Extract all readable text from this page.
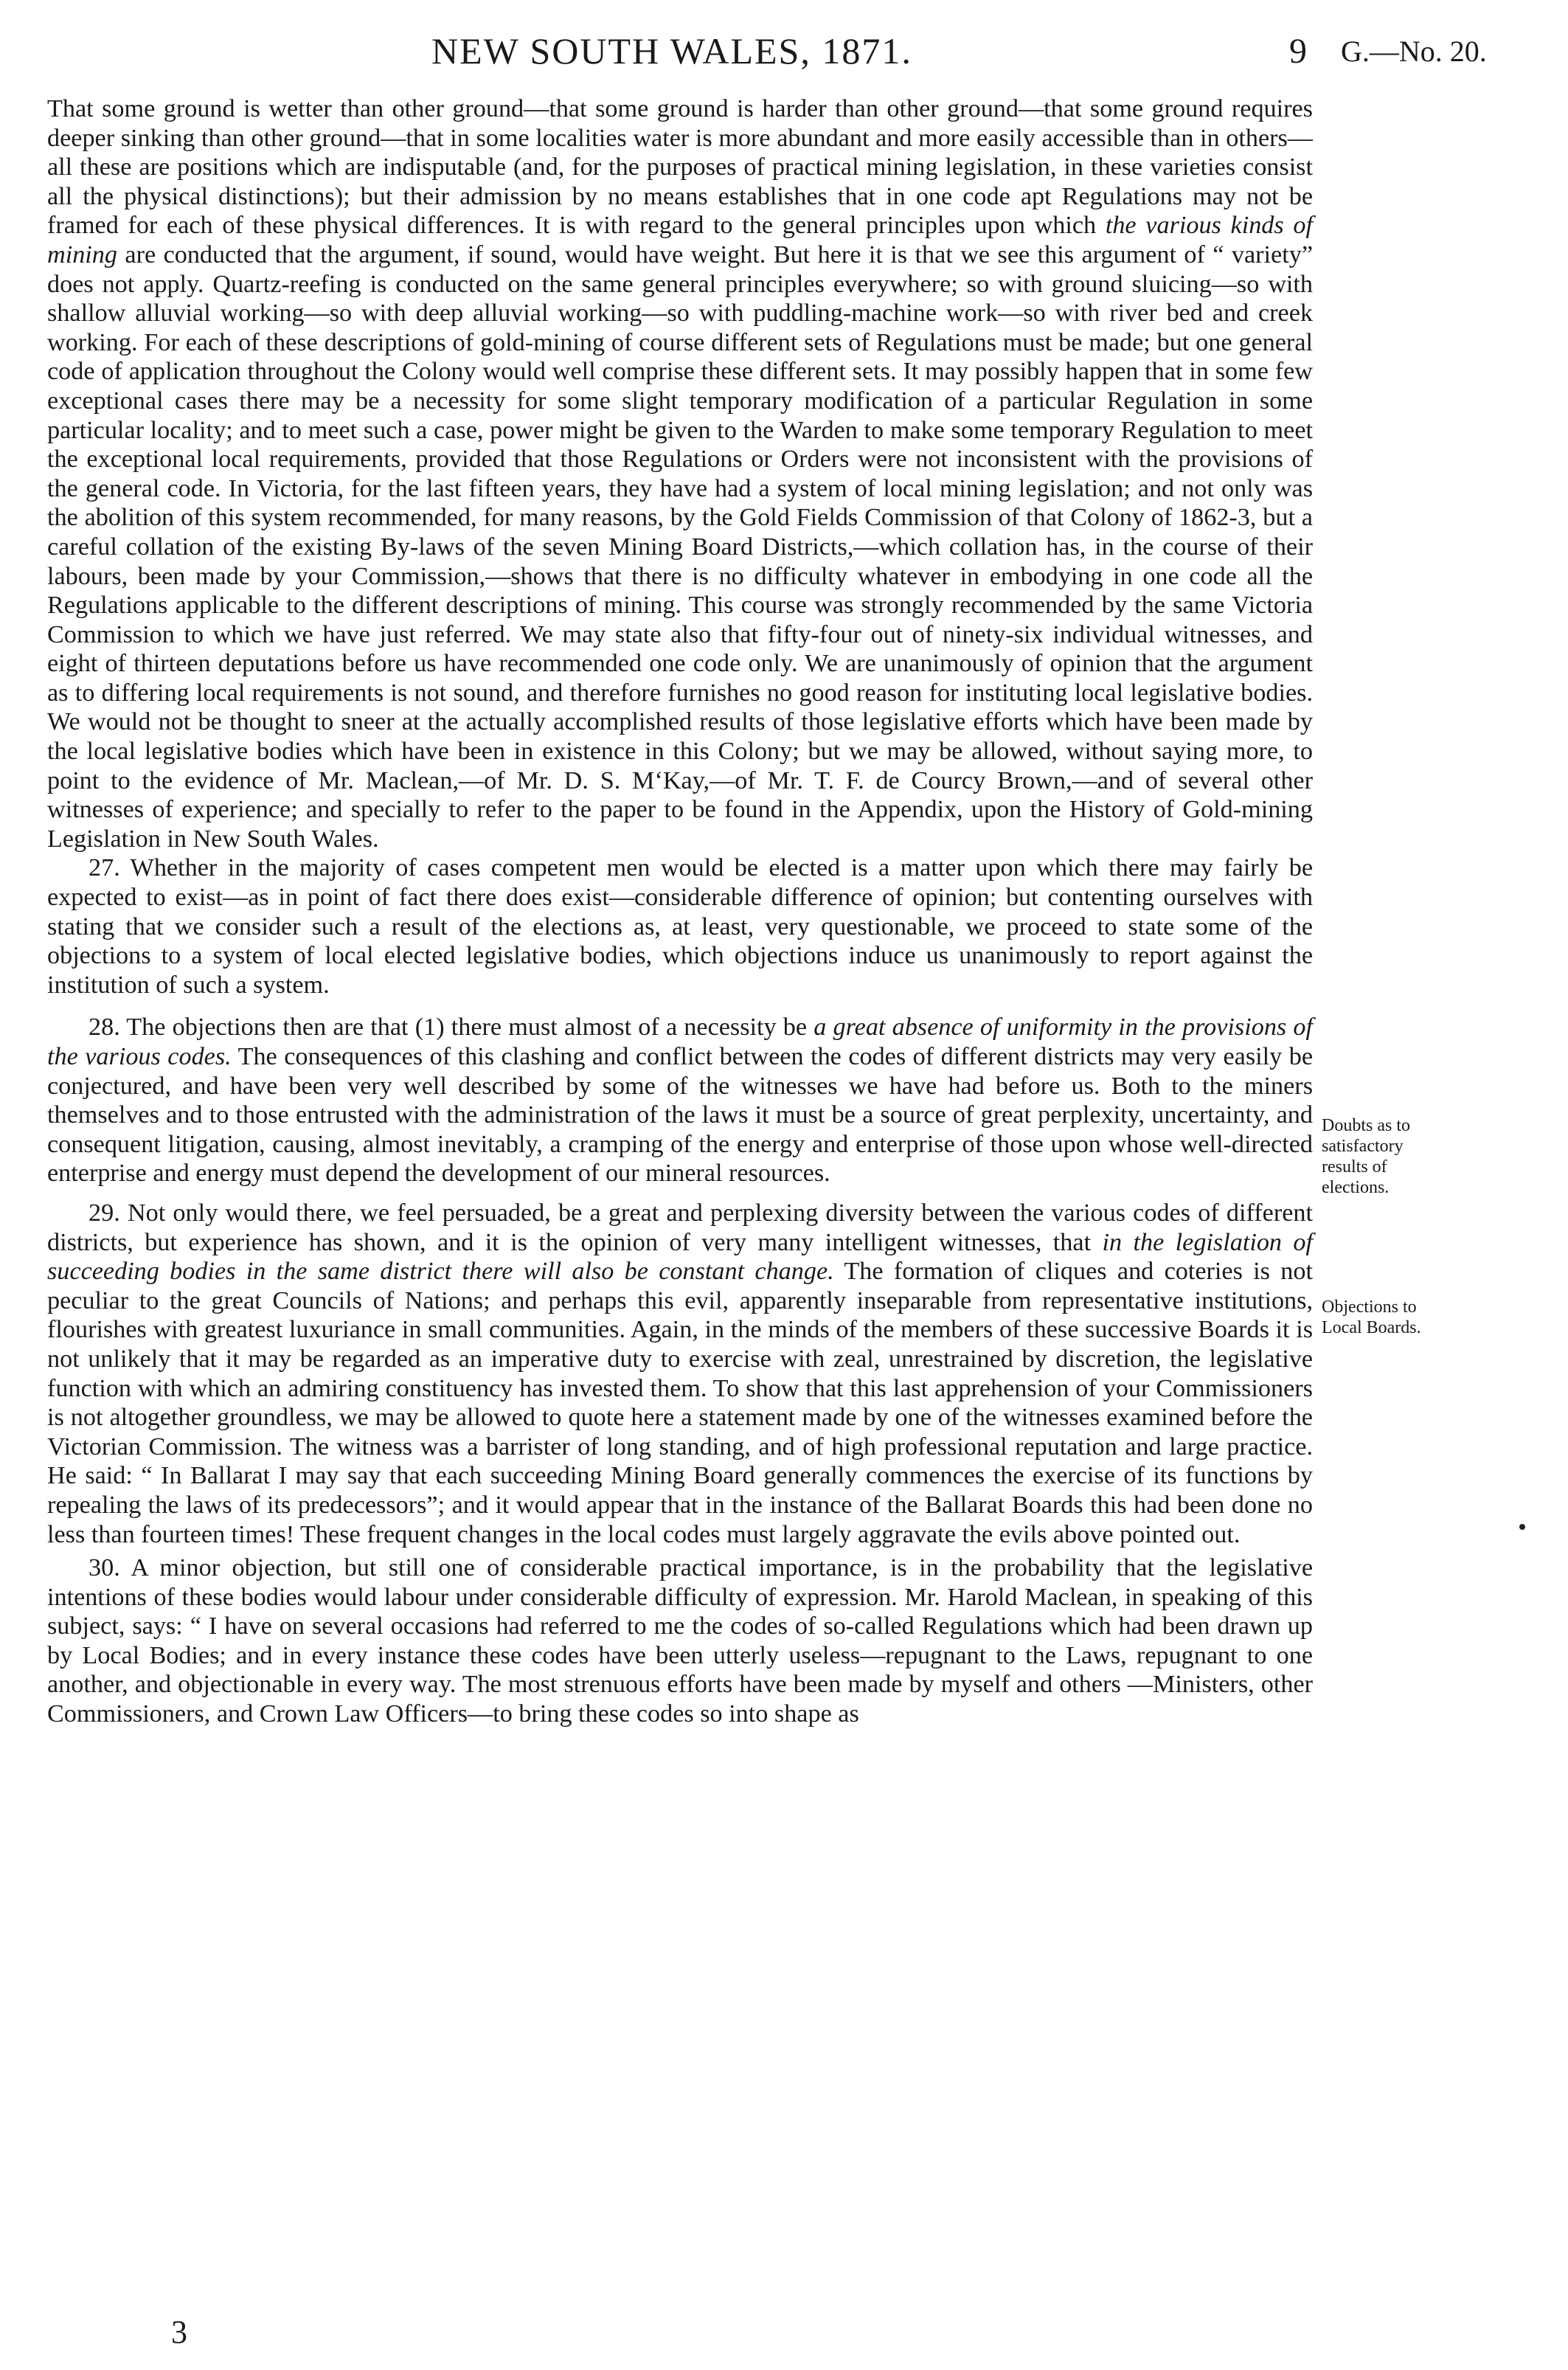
NEW SOUTH WALES, 1871.	9 G.—No. 20.

That some ground is wetter than other ground—that some ground is harder than other ground—that some ground requires deeper sinking than other ground—that in some localities water is more abundant and more easily accessible than in others—all these are positions which are indisputable (and, for the purposes of practical mining legislation, in these varieties consist all the physical distinctions); but their admission by no means establishes that in one code apt Regulations may not be framed for each of these physical differences. It is with regard to the general principles upon which the various kinds of mining are conducted that the argument, if sound, would have weight. But here it is that we see this argument of “ variety” does not apply. Quartz-reefing is conducted on the same general principles everywhere; so with ground sluicing—so with shallow alluvial working—so with deep alluvial working—so with puddling-machine work—so with river bed and creek working. For each of these descriptions of gold-mining of course different sets of Regulations must be made; but one general code of application throughout the Colony would well comprise these different sets. It may possibly happen that in some few exceptional cases there may be a necessity for some slight temporary modification of a particular Regulation in some particular locality; and to meet such a case, power might be given to the Warden to make some temporary Regulation to meet the exceptional local requirements, provided that those Regulations or Orders were not inconsistent with the provisions of the general code. In Victoria, for the last fifteen years, they have had a system of local mining legislation; and not only was the abolition of this system recommended, for many reasons, by the Gold Fields Commission of that Colony of 1862-3, but a careful collation of the existing By-laws of the seven Mining Board Districts,—which collation has, in the course of their labours, been made by your Commission,—shows that there is no difficulty whatever in embodying in one code all the Regulations applicable to the different descriptions of mining. This course was strongly recommended by the same Victoria Commission to which we have just referred. We may state also that fifty-four out of ninety-six individual witnesses, and eight of thirteen deputations before us have recommended one code only. We are unanimously of opinion that the argument as to differing local requirements is not sound, and therefore furnishes no good reason for instituting local legislative bodies. We would not be thought to sneer at the actually accomplished results of those legislative efforts which have been made by the local legislative bodies which have been in existence in this Colony; but we may be allowed, without saying more, to point to the evidence of Mr. Maclean,—of Mr. D. S. M‘Kay,—of Mr. T. F. de Courcy Brown,—and of several other witnesses of experience; and specially to refer to the paper to be found in the Appendix, upon the History of Gold-mining Legislation in New South Wales.

27. Whether in the majority of cases competent men would be elected is a matter upon which there may fairly be expected to exist—as in point of fact there does exist—considerable difference of opinion; but contenting ourselves with stating that we consider such a result of the elections as, at least, very questionable, we proceed to state some of the objections to a system of local elected legislative bodies, which objections induce us unanimously to report against the institution of such a system.

28. The objections then are that (1) there must almost of a necessity be a great absence of uniformity in the provisions of the various codes. The consequences of this clashing and conflict between the codes of different districts may very easily be conjectured, and have been very well described by some of the witnesses we have had before us. Both to the miners themselves and to those entrusted with the administration of the laws it must be a source of great perplexity, uncertainty, and consequent litigation, causing, almost inevitably, a cramping of the energy and enterprise of those upon whose well-directed enterprise and energy must depend the development of our mineral resources.

29. Not only would there, we feel persuaded, be a great and perplexing diversity between the various codes of different districts, but experience has shown, and it is the opinion of very many intelligent witnesses, that in the legislation of succeeding bodies in the same district there will also be constant change. The formation of cliques and coteries is not peculiar to the great Councils of Nations; and perhaps this evil, apparently inseparable from representative institutions, flourishes with greatest luxuriance in small communities. Again, in the minds of the members of these successive Boards it is not unlikely that it may be regarded as an imperative duty to exercise with zeal, unrestrained by discretion, the legislative function with which an admiring constituency has invested them. To show that this last apprehension of your Commissioners is not altogether groundless, we may be allowed to quote here a statement made by one of the witnesses examined before the Victorian Commission. The witness was a barrister of long standing, and of high professional reputation and large practice. He said: “ In Ballarat I may say that each succeeding Mining Board generally commences the exercise of its functions by repealing the laws of its predecessors”; and it would appear that in the instance of the Ballarat Boards this had been done no less than fourteen times! These frequent changes in the local codes must largely aggravate the evils above pointed out.

30. A minor objection, but still one of considerable practical importance, is in the probability that the legislative intentions of these bodies would labour under considerable difficulty of expression. Mr. Harold Maclean, in speaking of this subject, says: “ I have on several occasions had referred to me the codes of so-called Regulations which had been drawn up by Local Bodies; and in every instance these codes have been utterly useless—repugnant to the Laws, repugnant to one another, and objectionable in every way. The most strenuous efforts have been made by myself and others —Ministers, other Commissioners, and Crown Law Officers—to bring these codes so into shape as

Doubts as to
satisfactory
results of
elections.
Objections to
Local Boards.
3
